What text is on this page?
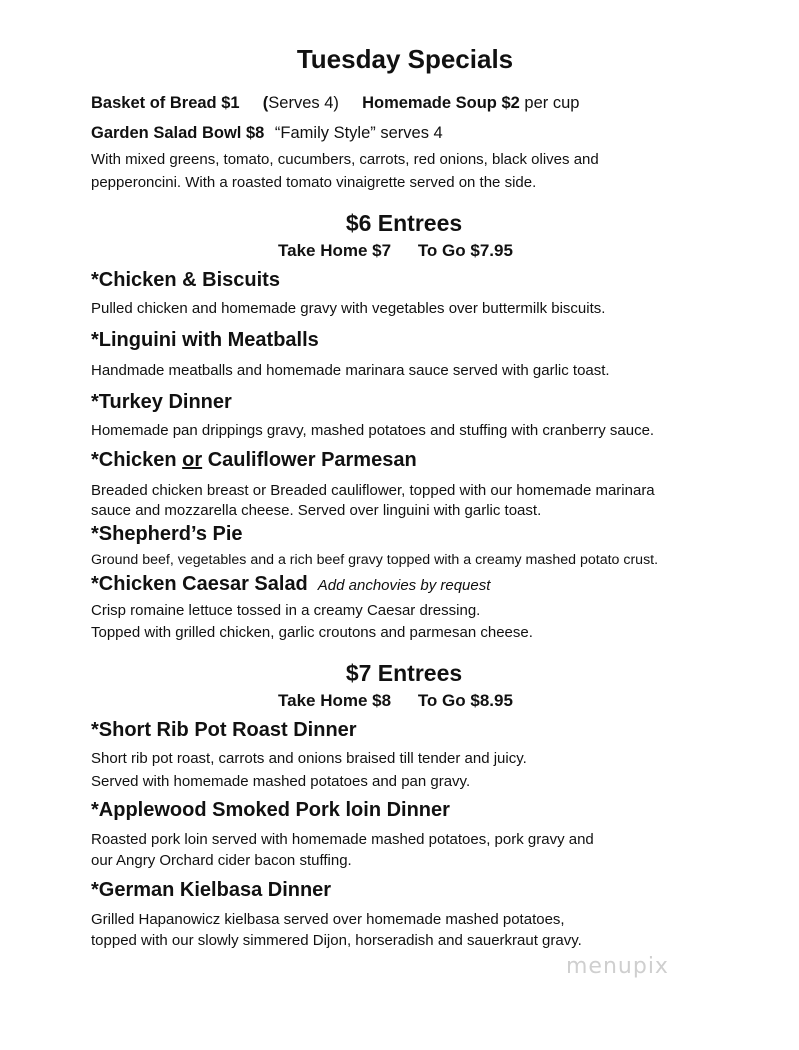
Tuesday Specials
Basket of Bread $1 (Serves 4) Homemade Soup $2 per cup
Garden Salad Bowl $8 “Family Style” serves 4
With mixed greens, tomato, cucumbers, carrots, red onions, black olives and
pepperoncini. With a roasted tomato vinaigrette served on the side.
$6 Entrees
Take Home $7 To Go $7.95
*Chicken & Biscuits
Pulled chicken and homemade gravy with vegetables over buttermilk biscuits.
*Linguini with Meatballs
Handmade meatballs and homemade marinara sauce served with garlic toast.
*Turkey Dinner
Homemade pan drippings gravy, mashed potatoes and stuffing with cranberry sauce.
*Chicken or Cauliflower Parmesan
Breaded chicken breast or Breaded cauliflower, topped with our homemade marinara
sauce and mozzarella cheese. Served over linguini with garlic toast.
*Shepherd’s Pie
Ground beef, vegetables and a rich beef gravy topped with a creamy mashed potato crust.
*Chicken Caesar Salad Add anchovies by request
Crisp romaine lettuce tossed in a creamy Caesar dressing.
Topped with grilled chicken, garlic croutons and parmesan cheese.
$7 Entrees
Take Home $8 To Go $8.95
*Short Rib Pot Roast Dinner
Short rib pot roast, carrots and onions braised till tender and juicy.
Served with homemade mashed potatoes and pan gravy.
*Applewood Smoked Pork loin Dinner
Roasted pork loin served with homemade mashed potatoes, pork gravy and
our Angry Orchard cider bacon stuffing.
*German Kielbasa Dinner
Grilled Hapanowicz kielbasa served over homemade mashed potatoes,
topped with our slowly simmered Dijon, horseradish and sauerkraut gravy.
menupix
